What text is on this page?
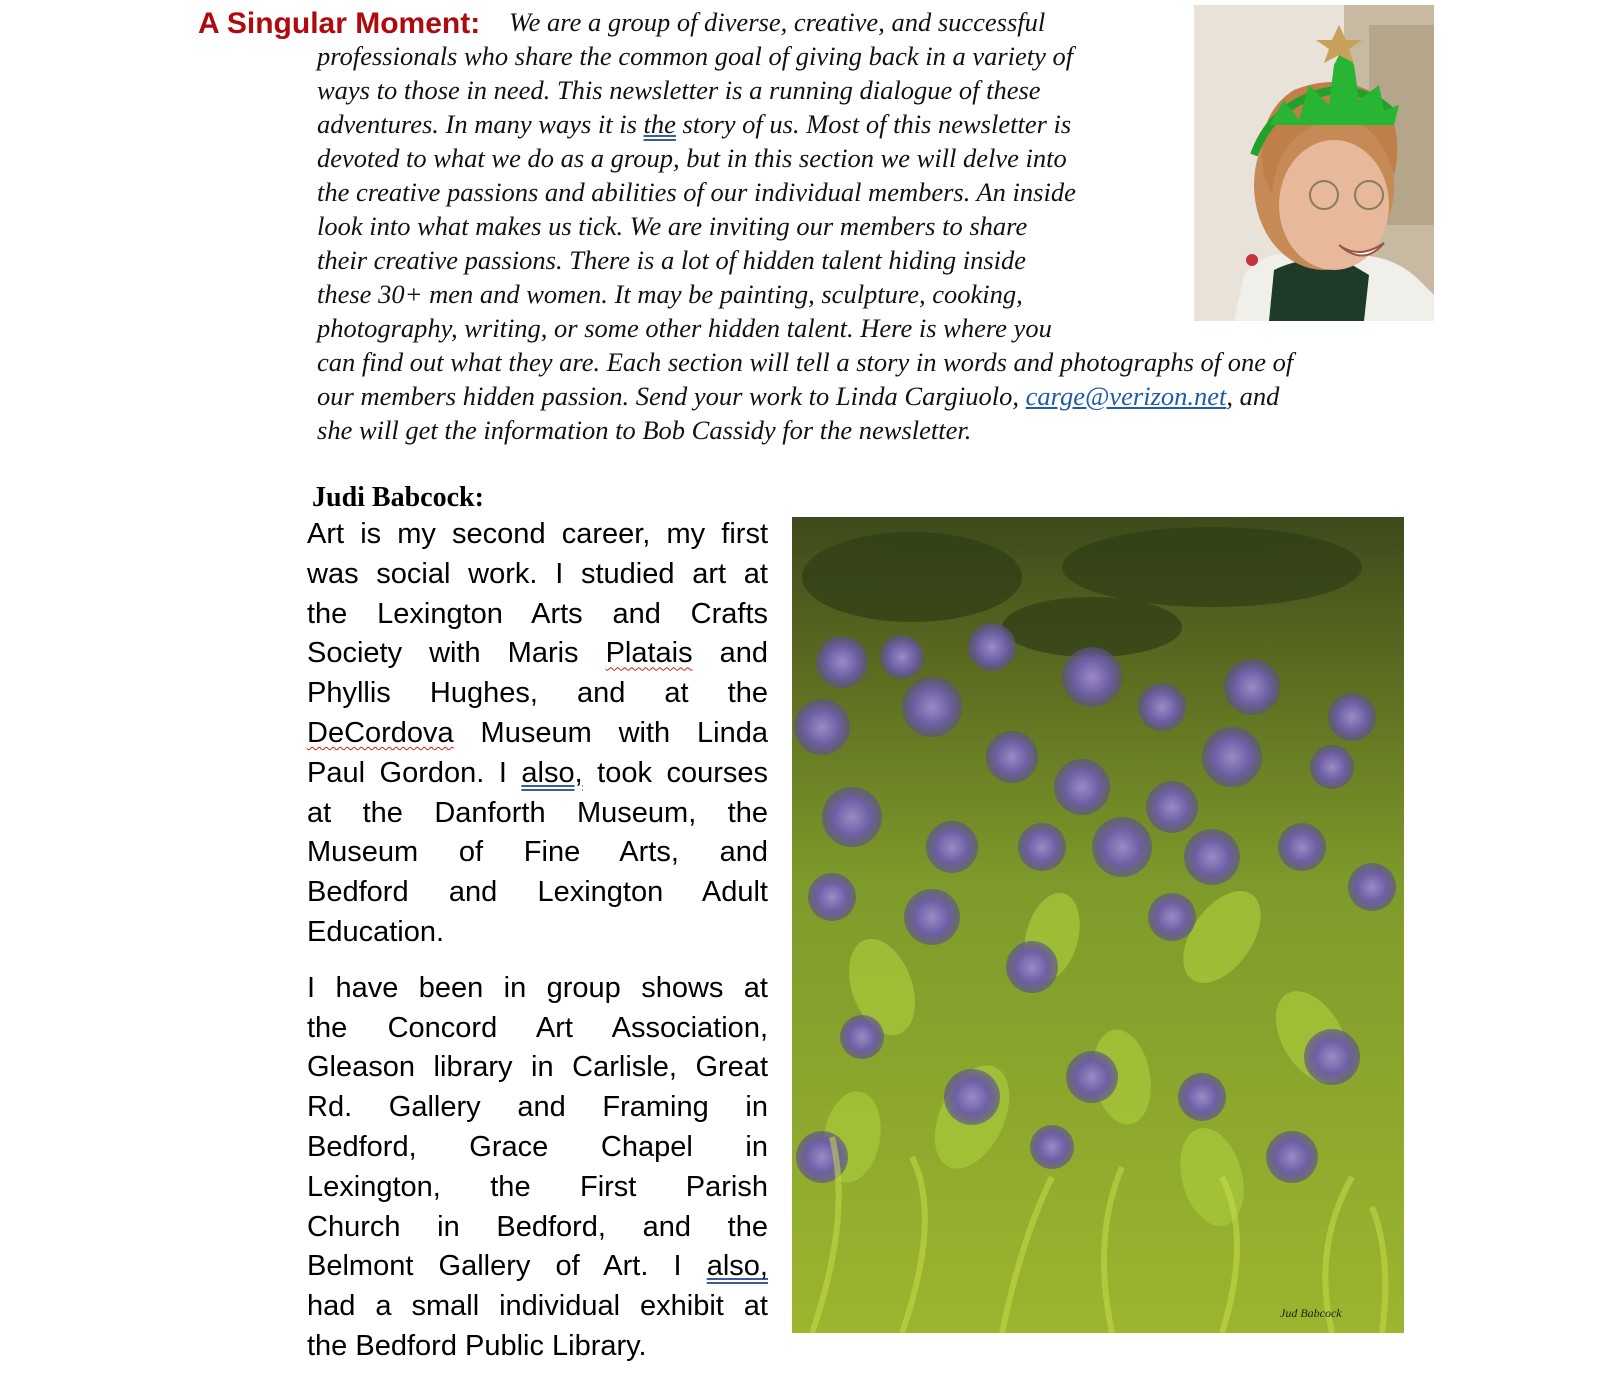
A Singular Moment: We are a group of diverse, creative, and successful
professionals who share the common goal of giving back in a variety of
ways to those in need. This newsletter is a running dialogue of these
adventures. In many ways it is the story of us. Most of this newsletter is
devoted to what we do as a group, but in this section we will delve into
the creative passions and abilities of our individual members. An inside
look into what makes us tick. We are inviting our members to share
their creative passions. There is a lot of hidden talent hiding inside
these 30+ men and women. It may be painting, sculpture, cooking,
photography, writing, or some other hidden talent. Here is where you
can find out what they are. Each section will tell a story in words and photographs of one of
our members hidden passion. Send your work to Linda Cargiuolo, carge@verizon.net, and
she will get the information to Bob Cassidy for the newsletter.
Judi Babcock:

Art is my second career, my first
was social work. I studied art at
the Lexington Arts and Crafts
Society with Maris Platais and
Phyllis Hughes, and at the
DeCordova Museum with Linda
Paul Gordon. I also, took courses
at the Danforth Museum, the
Museum of Fine Arts, and
Bedford and Lexington Adult
Education.

I have been in group shows at
the Concord Art Association,
Gleason library in Carlisle, Great
Rd. Gallery and Framing in
Bedford, Grace Chapel in
Lexington, the First Parish
Church in Bedford, and the
Belmont Gallery of Art. I also,
had a small individual exhibit at
the Bedford Public Library.

Jud Babcock
